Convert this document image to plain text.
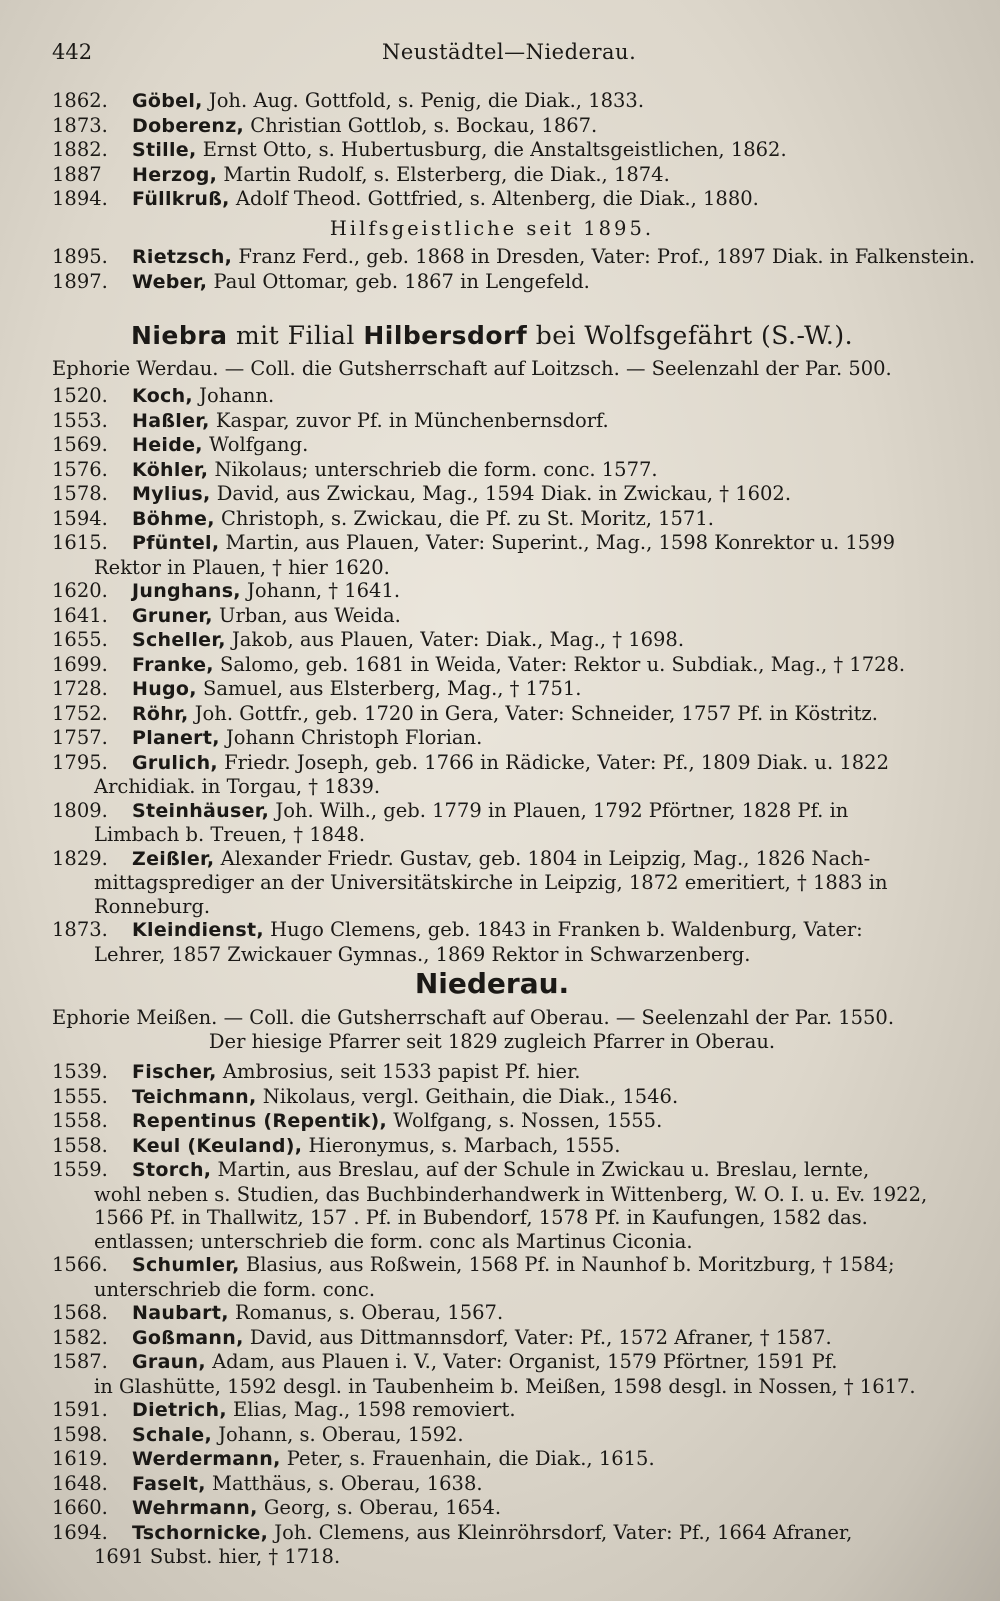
442	Neustädtel—Niederau.
1862.	Göbel, Joh. Aug. Gottfold, s. Penig, die Diak., 1833.
1873.	Doberenz, Christian Gottlob, s. Bockau, 1867.
1882.	Stille, Ernst Otto, s. Hubertusburg, die Anstaltsgeistlichen, 1862.
1887	Herzog, Martin Rudolf, s. Elsterberg, die Diak., 1874.
1894.	Füllkruß, Adolf Theod. Gottfried, s. Altenberg, die Diak., 1880.
Hilfsgeistliche seit 1895.
1895.	Rietzsch, Franz Ferd., geb. 1868 in Dresden, Vater: Prof., 1897 Diak. in Falkenstein.
1897.	Weber, Paul Ottomar, geb. 1867 in Lengefeld.
Niebra mit Filial Hilbersdorf bei Wolfsgefährt (S.-W.).
Ephorie Werdau. — Coll. die Gutsherrschaft auf Loitzsch. — Seelenzahl der Par. 500.
1520.	Koch, Johann.
1553.	Haßler, Kaspar, zuvor Pf. in Münchenbernsdorf.
1569.	Heide, Wolfgang.
1576.	Köhler, Nikolaus; unterschrieb die form. conc. 1577.
1578.	Mylius, David, aus Zwickau, Mag., 1594 Diak. in Zwickau, † 1602.
1594.	Böhme, Christoph, s. Zwickau, die Pf. zu St. Moritz, 1571.
1615.	Pfüntel, Martin, aus Plauen, Vater: Superint., Mag., 1598 Konrektor u. 1599
Rektor in Plauen, † hier 1620.
1620.	Junghans, Johann, † 1641.
1641.	Gruner, Urban, aus Weida.
1655.	Scheller, Jakob, aus Plauen, Vater: Diak., Mag., † 1698.
1699.	Franke, Salomo, geb. 1681 in Weida, Vater: Rektor u. Subdiak., Mag., † 1728.
1728.	Hugo, Samuel, aus Elsterberg, Mag., † 1751.
1752.	Röhr, Joh. Gottfr., geb. 1720 in Gera, Vater: Schneider, 1757 Pf. in Köstritz.
1757.	Planert, Johann Christoph Florian.
1795.	Grulich, Friedr. Joseph, geb. 1766 in Rädicke, Vater: Pf., 1809 Diak. u. 1822
Archidiak. in Torgau, † 1839.
1809.	Steinhäuser, Joh. Wilh., geb. 1779 in Plauen, 1792 Pförtner, 1828 Pf. in
Limbach b. Treuen, † 1848.
1829.	Zeißler, Alexander Friedr. Gustav, geb. 1804 in Leipzig, Mag., 1826 Nach-
mittagsprediger an der Universitätskirche in Leipzig, 1872 emeritiert, † 1883 in
Ronneburg.
1873.	Kleindienst, Hugo Clemens, geb. 1843 in Franken b. Waldenburg, Vater:
Lehrer, 1857 Zwickauer Gymnas., 1869 Rektor in Schwarzenberg.
Niederau.
Ephorie Meißen. — Coll. die Gutsherrschaft auf Oberau. — Seelenzahl der Par. 1550.
Der hiesige Pfarrer seit 1829 zugleich Pfarrer in Oberau.
1539.	Fischer, Ambrosius, seit 1533 papist Pf. hier.
1555.	Teichmann, Nikolaus, vergl. Geithain, die Diak., 1546.
1558.	Repentinus (Repentik), Wolfgang, s. Nossen, 1555.
1558.	Keul (Keuland), Hieronymus, s. Marbach, 1555.
1559.	Storch, Martin, aus Breslau, auf der Schule in Zwickau u. Breslau, lernte,
wohl neben s. Studien, das Buchbinderhandwerk in Wittenberg, W. O. I. u. Ev. 1922,
1566 Pf. in Thallwitz, 157 . Pf. in Bubendorf, 1578 Pf. in Kaufungen, 1582 das.
entlassen; unterschrieb die form. conc als Martinus Ciconia.
1566.	Schumler, Blasius, aus Roßwein, 1568 Pf. in Naunhof b. Moritzburg, † 1584;
unterschrieb die form. conc.
1568.	Naubart, Romanus, s. Oberau, 1567.
1582.	Goßmann, David, aus Dittmannsdorf, Vater: Pf., 1572 Afraner, † 1587.
1587.	Graun, Adam, aus Plauen i. V., Vater: Organist, 1579 Pförtner, 1591 Pf.
in Glashütte, 1592 desgl. in Taubenheim b. Meißen, 1598 desgl. in Nossen, † 1617.
1591.	Dietrich, Elias, Mag., 1598 removiert.
1598.	Schale, Johann, s. Oberau, 1592.
1619.	Werdermann, Peter, s. Frauenhain, die Diak., 1615.
1648.	Faselt, Matthäus, s. Oberau, 1638.
1660.	Wehrmann, Georg, s. Oberau, 1654.
1694.	Tschornicke, Joh. Clemens, aus Kleinröhrsdorf, Vater: Pf., 1664 Afraner,
1691 Subst. hier, † 1718.
